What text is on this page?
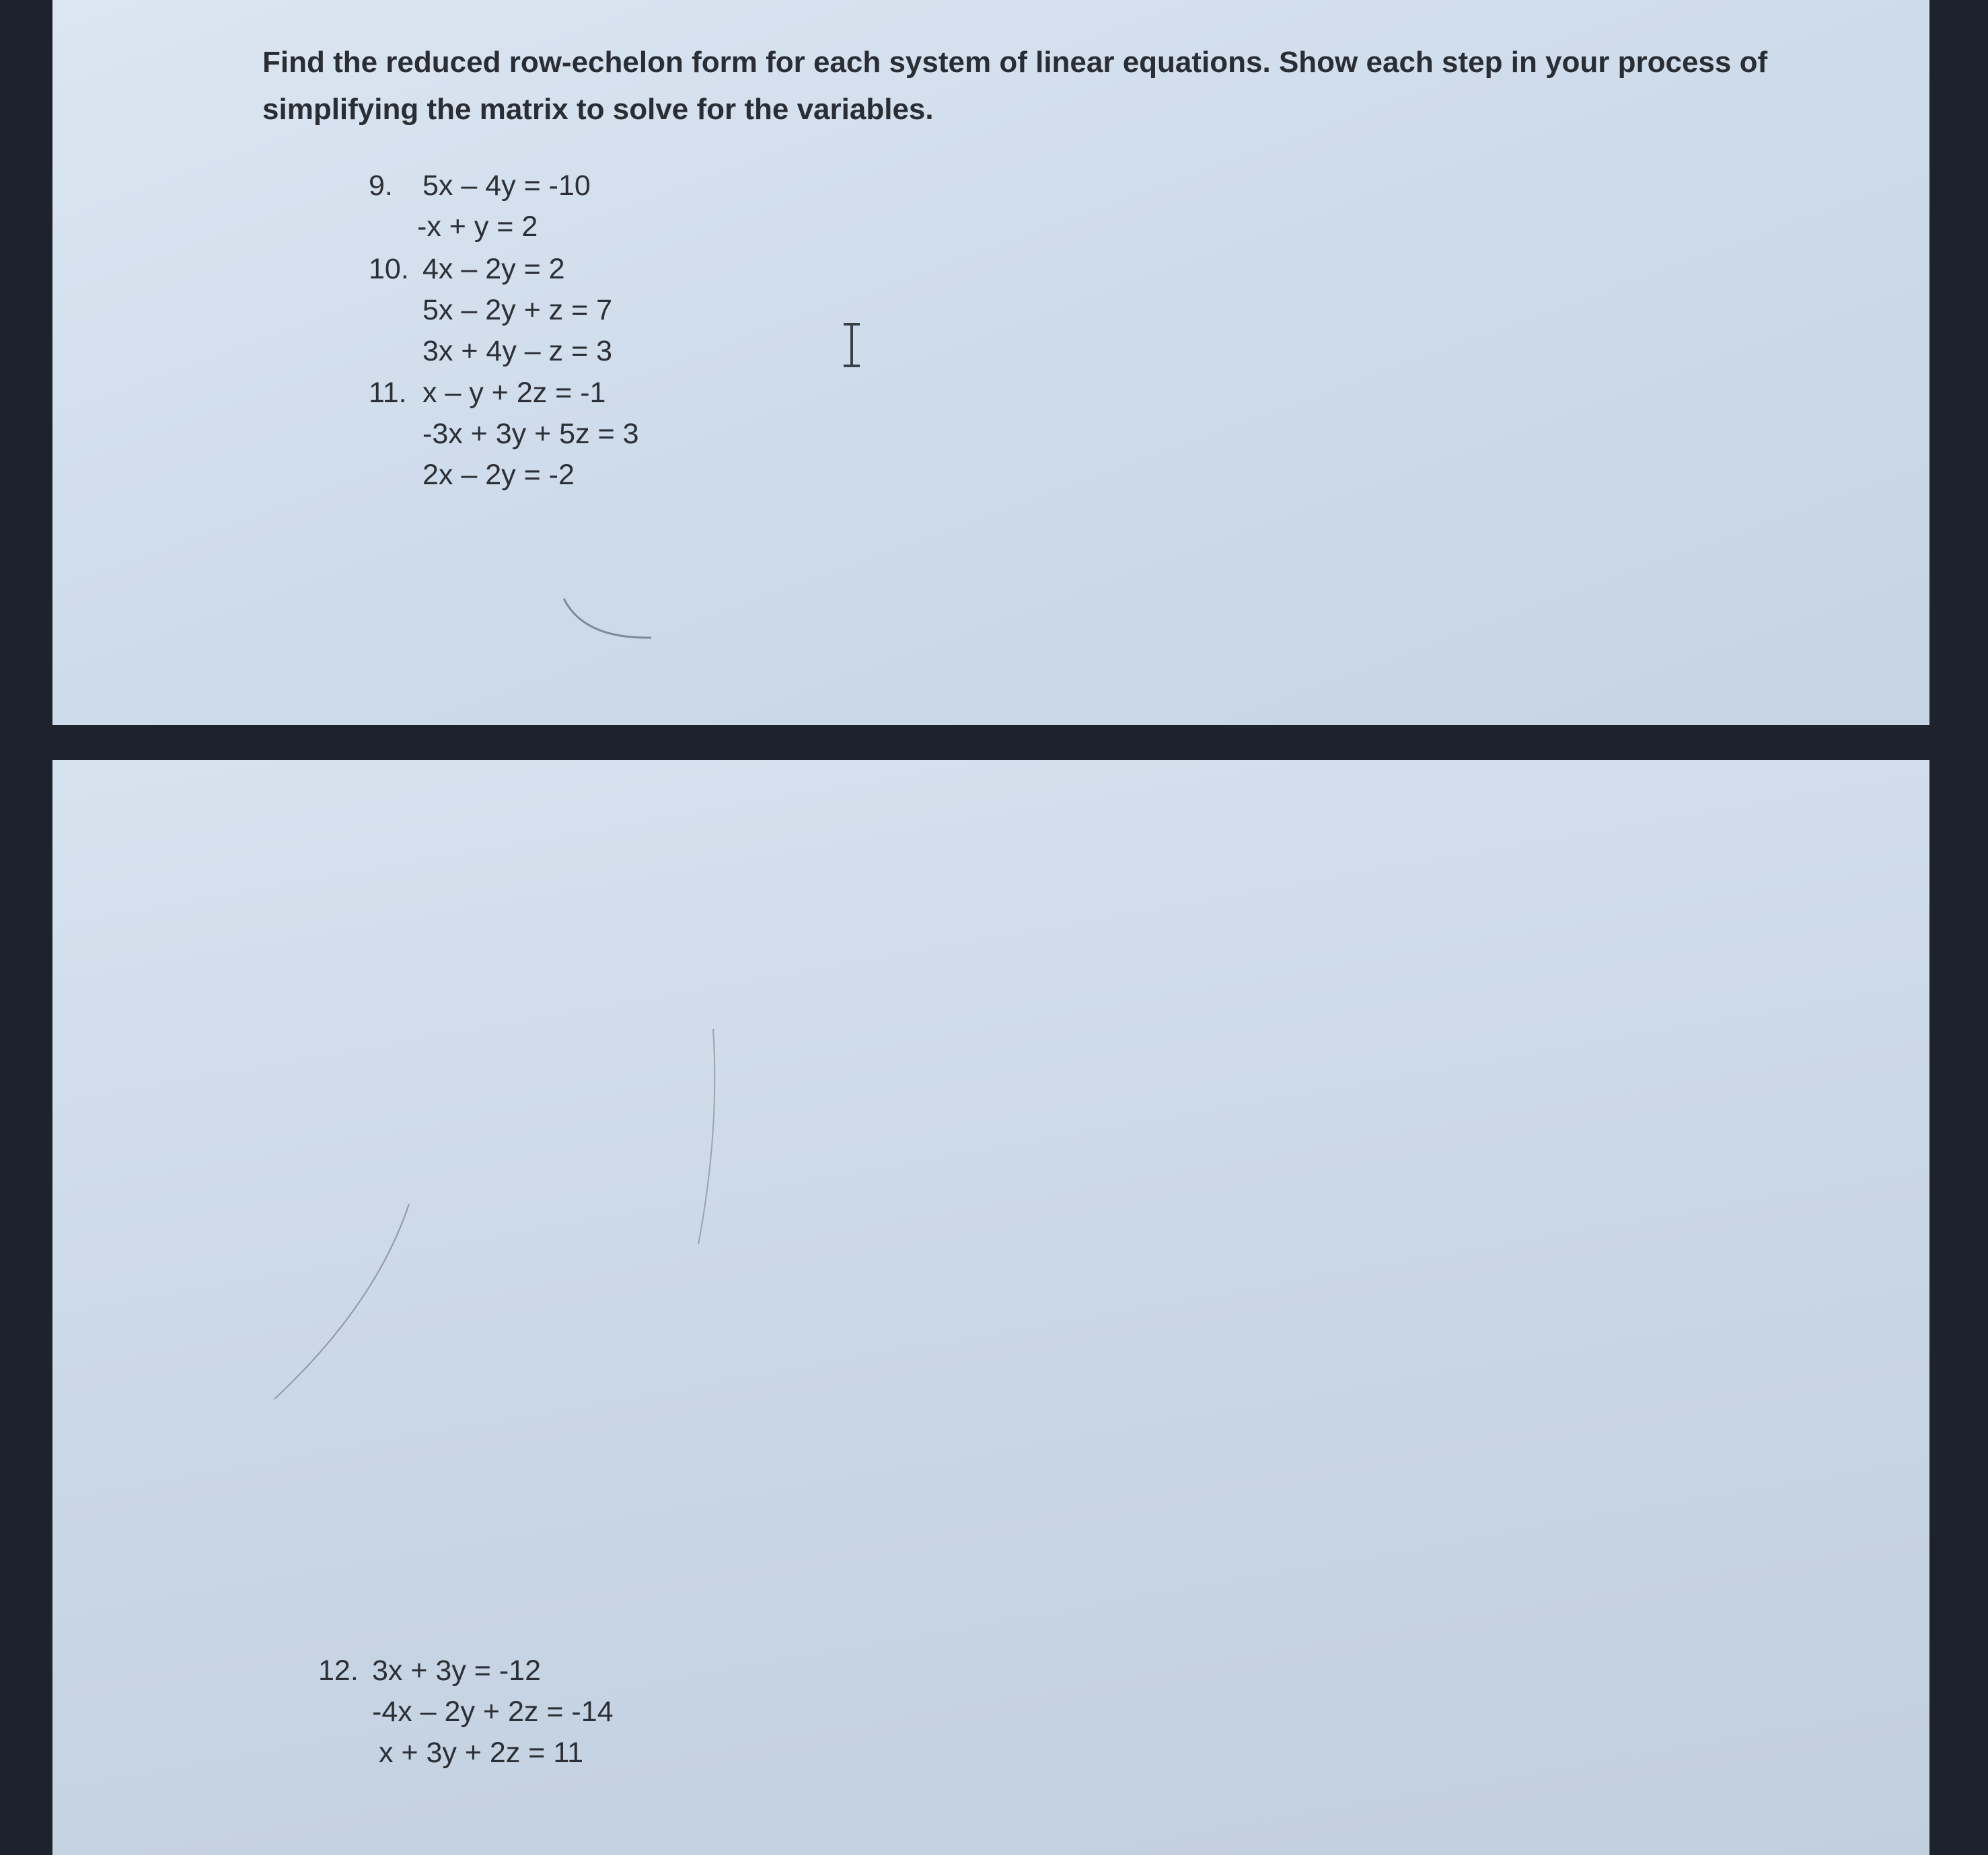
Find the reduced row-echelon form for each system of linear equations. Show each step in your process of simplifying the matrix to solve for the variables.
9. 5x – 4y = -10
-x + y = 2
10. 4x – 2y = 2
5x – 2y + z = 7
3x + 4y – z = 3
11. x – y + 2z = -1
-3x + 3y + 5z = 3
2x – 2y = -2
12. 3x + 3y = -12
-4x – 2y + 2z = -14
x + 3y + 2z = 11
